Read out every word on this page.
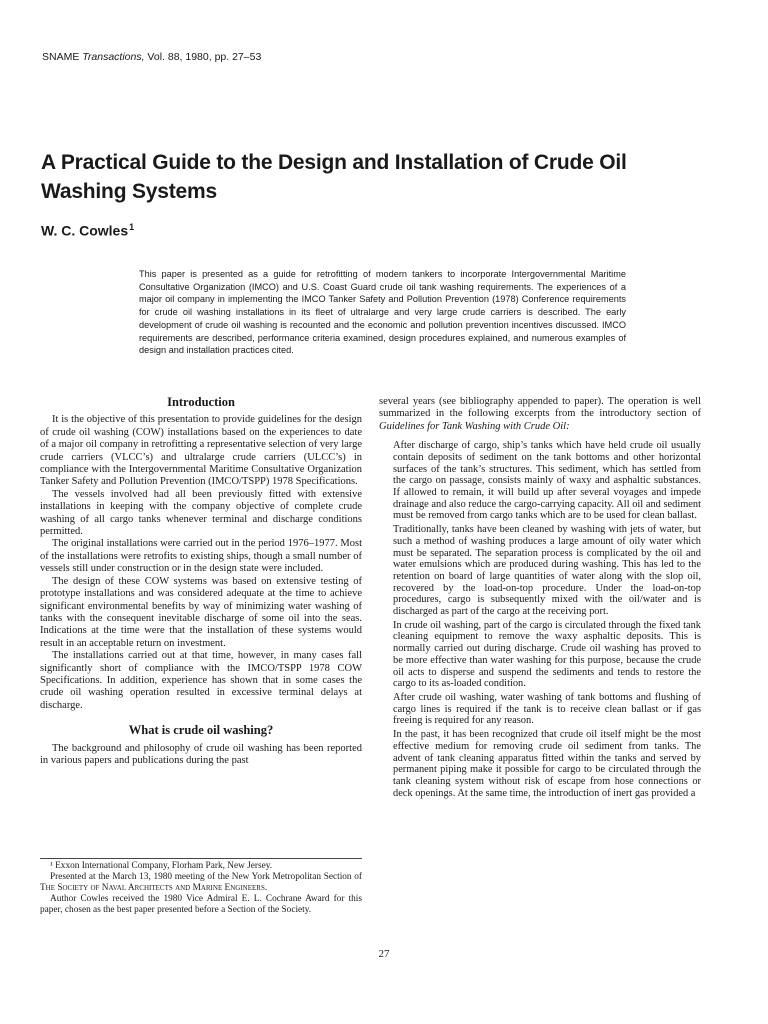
SNAME Transactions, Vol. 88, 1980, pp. 27–53
A Practical Guide to the Design and Installation of Crude Oil Washing Systems
W. C. Cowles$^1$

This paper is presented as a guide for retrofitting of modern tankers to incorporate Intergovernmental Maritime Consultative Organization (IMCO) and U.S. Coast Guard crude oil tank washing requirements. The experiences of a major oil company in implementing the IMCO Tanker Safety and Pollution Prevention (1978) Conference requirements for crude oil washing installations in its fleet of ultralarge and very large crude carriers is described. The early development of crude oil washing is recounted and the economic and pollution prevention incentives discussed. IMCO requirements are described, performance criteria examined, design procedures explained, and numerous examples of design and installation practices cited.

Introduction

It is the objective of this presentation to provide guidelines for the design of crude oil washing (COW) installations based on the experiences to date of a major oil company in retrofitting a representative selection of very large crude carriers (VLCC’s) and ultralarge crude carriers (ULCC’s) in compliance with the Intergovernmental Maritime Consultative Organization Tanker Safety and Pollution Prevention (IMCO/TSPP) 1978 Specifications.

The vessels involved had all been previously fitted with extensive installations in keeping with the company objective of complete crude washing of all cargo tanks whenever terminal and discharge conditions permitted.

The original installations were carried out in the period 1976–1977. Most of the installations were retrofits to existing ships, though a small number of vessels still under construction or in the design state were included.

The design of these COW systems was based on extensive testing of prototype installations and was considered adequate at the time to achieve significant environmental benefits by way of minimizing water washing of tanks with the consequent inevitable discharge of some oil into the seas. Indications at the time were that the installation of these systems would result in an acceptable return on investment.

The installations carried out at that time, however, in many cases fall significantly short of compliance with the IMCO/TSPP 1978 COW Specifications. In addition, experience has shown that in some cases the crude oil washing operation resulted in excessive terminal delays at discharge.

What is crude oil washing?

The background and philosophy of crude oil washing has been reported in various papers and publications during the past

¹ Exxon International Company, Florham Park, New Jersey.

Presented at the March 13, 1980 meeting of the New York Metropolitan Section of The Society of Naval Architects and Marine Engineers.

Author Cowles received the 1980 Vice Admiral E. L. Cochrane Award for this paper, chosen as the best paper presented before a Section of the Society.

several years (see bibliography appended to paper). The operation is well summarized in the following excerpts from the introductory section of Guidelines for Tank Washing with Crude Oil:

After discharge of cargo, ship’s tanks which have held crude oil usually contain deposits of sediment on the tank bottoms and other horizontal surfaces of the tank’s structures. This sediment, which has settled from the cargo on passage, consists mainly of waxy and asphaltic substances. If allowed to remain, it will build up after several voyages and impede drainage and also reduce the cargo-carrying capacity. All oil and sediment must be removed from cargo tanks which are to be used for clean ballast.

Traditionally, tanks have been cleaned by washing with jets of water, but such a method of washing produces a large amount of oily water which must be separated. The separation process is complicated by the oil and water emulsions which are produced during washing. This has led to the retention on board of large quantities of water along with the slop oil, recovered by the load-on-top procedure. Under the load-on-top procedures, cargo is subsequently mixed with the oil/water and is discharged as part of the cargo at the receiving port.

In crude oil washing, part of the cargo is circulated through the fixed tank cleaning equipment to remove the waxy asphaltic deposits. This is normally carried out during discharge. Crude oil washing has proved to be more effective than water washing for this purpose, because the crude oil acts to disperse and suspend the sediments and tends to restore the cargo to its as-loaded condition.

After crude oil washing, water washing of tank bottoms and flushing of cargo lines is required if the tank is to receive clean ballast or if gas freeing is required for any reason.

In the past, it has been recognized that crude oil itself might be the most effective medium for removing crude oil sediment from tanks. The advent of tank cleaning apparatus fitted within the tanks and served by permanent piping make it possible for cargo to be circulated through the tank cleaning system without risk of escape from hose connections or deck openings. At the same time, the introduction of inert gas provided a

27
